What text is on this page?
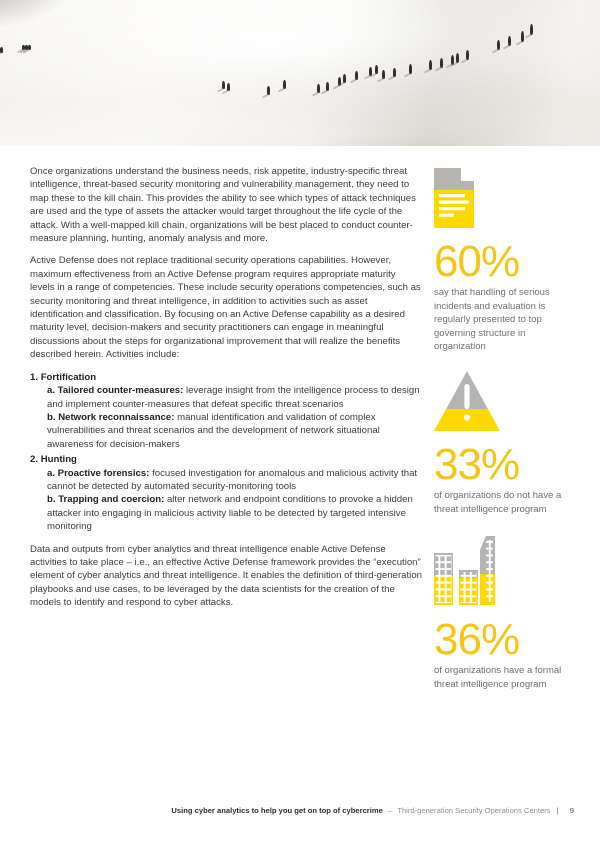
Once organizations understand the business needs, risk appetite, industry-specific threat intelligence, threat-based security monitoring and vulnerability management, they need to map these to the kill chain. This provides the ability to see which types of attack techniques are used and the type of assets the attacker would target throughout the life cycle of the attack. With a well-mapped kill chain, organizations will be best placed to conduct counter-measure planning, hunting, anomaly analysis and more.

Active Defense does not replace traditional security operations capabilities. However, maximum effectiveness from an Active Defense program requires appropriate maturity levels in a range of competencies. These include security operations competencies, such as security monitoring and threat intelligence, in addition to activities such as asset identification and classification. By focusing on an Active Defense capability as a desired maturity level, decision-makers and security practitioners can engage in meaningful discussions about the steps for organizational improvement that will realize the benefits described herein. Activities include:

1. Fortification
a. Tailored counter-measures: leverage insight from the intelligence process to design and implement counter-measures that defeat specific threat scenarios
b. Network reconnaissance: manual identification and validation of complex vulnerabilities and threat scenarios and the development of network situational awareness for decision-makers
2. Hunting
a. Proactive forensics: focused investigation for anomalous and malicious activity that cannot be detected by automated security-monitoring tools
b. Trapping and coercion: alter network and endpoint conditions to provoke a hidden attacker into engaging in malicious activity liable to be detected by targeted intensive monitoring

Data and outputs from cyber analytics and threat intelligence enable Active Defense activities to take place – i.e., an effective Active Defense framework provides the “execution” element of cyber analytics and threat intelligence. It enables the definition of third-generation playbooks and use cases, to be leveraged by the data scientists for the creation of the models to identify and respond to cyber attacks.

60%
say that handling of serious incidents and evaluation is regularly presented to top governing structure in organization
33%
of organizations do not have a threat intelligence program
36%
of organizations have a formal threat intelligence program
Using cyber analytics to help you get on top of cybercrime – Third-generation Security Operations Centers | 9
